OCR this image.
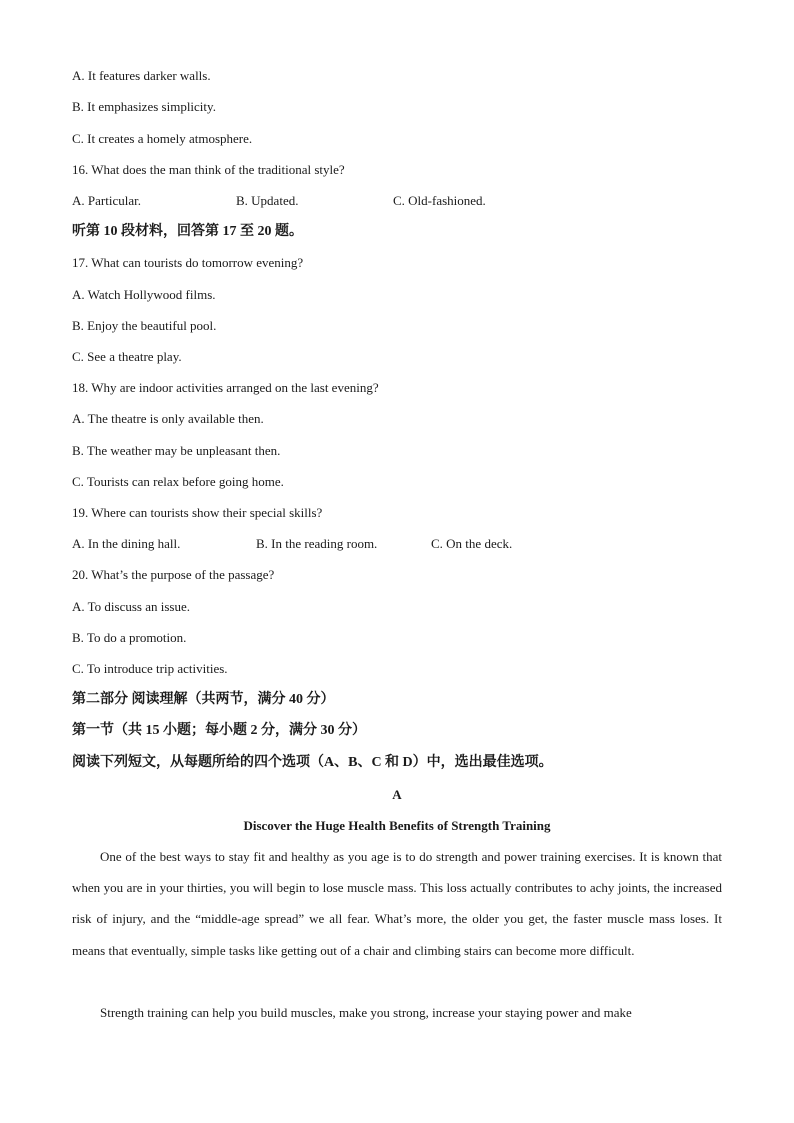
A. It features darker walls.
B. It emphasizes simplicity.
C. It creates a homely atmosphere.
16. What does the man think of the traditional style?
A. Particular.	B. Updated.	C. Old-fashioned.
听第 10 段材料，回答第 17 至 20 题。
17. What can tourists do tomorrow evening?
A. Watch Hollywood films.
B. Enjoy the beautiful pool.
C. See a theatre play.
18. Why are indoor activities arranged on the last evening?
A. The theatre is only available then.
B. The weather may be unpleasant then.
C. Tourists can relax before going home.
19. Where can tourists show their special skills?
A. In the dining hall.	B. In the reading room.	C. On the deck.
20. What’s the purpose of the passage?
A. To discuss an issue.
B. To do a promotion.
C. To introduce trip activities.
第二部分 阅读理解（共两节，满分 40 分）
第一节（共 15 小题；每小题 2 分，满分 30 分）
阅读下列短文，从每题所给的四个选项（A、B、C 和 D）中，选出最佳选项。
A
Discover the Huge Health Benefits of Strength Training
One of the best ways to stay fit and healthy as you age is to do strength and power training exercises. It is known that when you are in your thirties, you will begin to lose muscle mass. This loss actually contributes to achy joints, the increased risk of injury, and the “middle-age spread” we all fear. What’s more, the older you get, the faster muscle mass loses. It means that eventually, simple tasks like getting out of a chair and climbing stairs can become more difficult.
Strength training can help you build muscles, make you strong, increase your staying power and make
